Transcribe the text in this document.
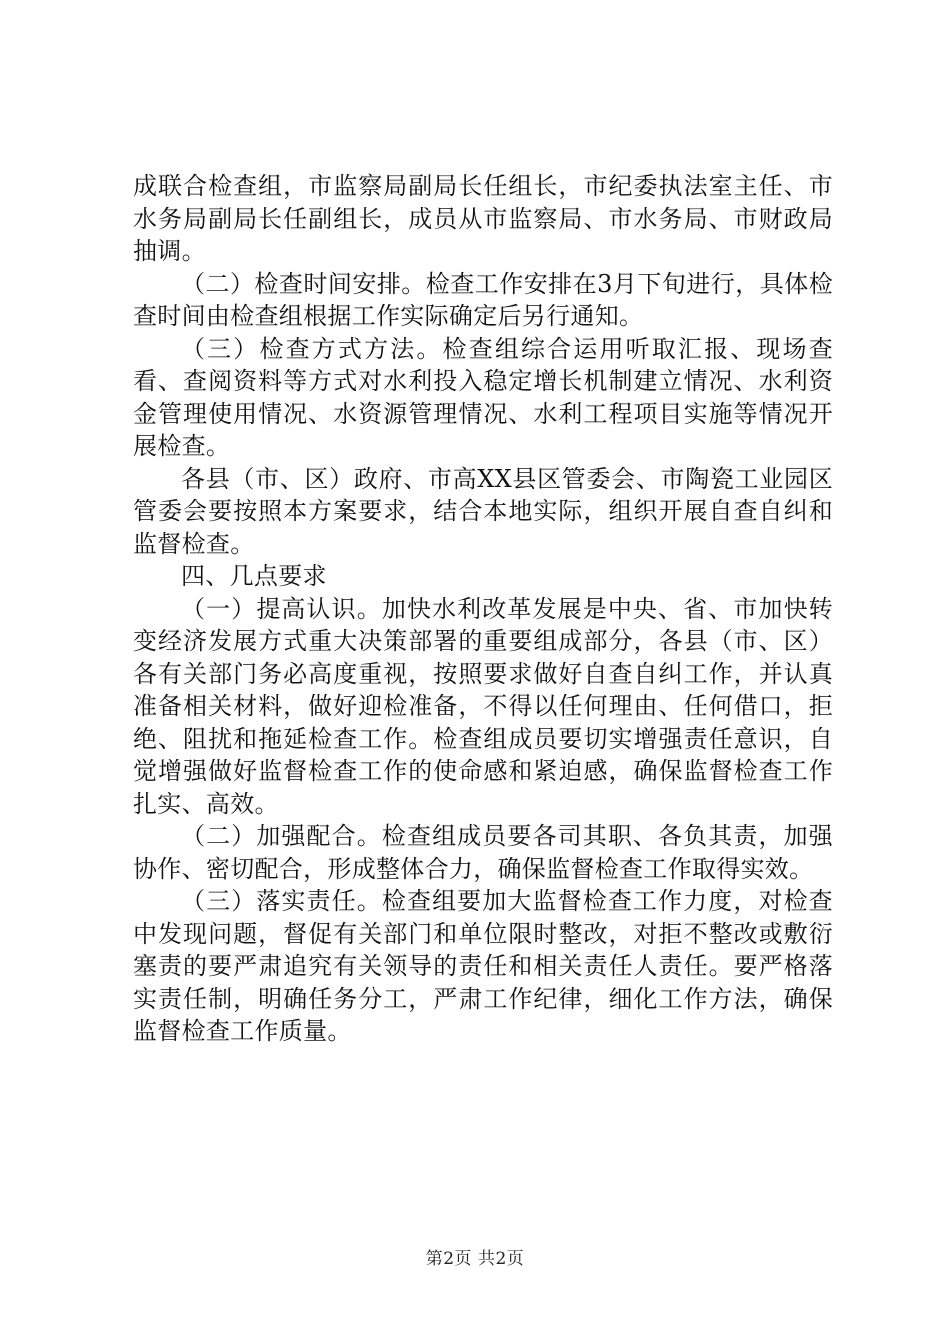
成联合检查组，市监察局副局长任组长，市纪委执法室主任、市水务局副局长任副组长，成员从市监察局、市水务局、市财政局抽调。

（二）检查时间安排。检查工作安排在3月下旬进行，具体检查时间由检查组根据工作实际确定后另行通知。

（三）检查方式方法。检查组综合运用听取汇报、现场查看、查阅资料等方式对水利投入稳定增长机制建立情况、水利资金管理使用情况、水资源管理情况、水利工程项目实施等情况开展检查。

各县（市、区）政府、市高XX县区管委会、市陶瓷工业园区管委会要按照本方案要求，结合本地实际，组织开展自查自纠和监督检查。

四、几点要求

（一）提高认识。加快水利改革发展是中央、省、市加快转变经济发展方式重大决策部署的重要组成部分，各县（市、区）各有关部门务必高度重视，按照要求做好自查自纠工作，并认真准备相关材料，做好迎检准备，不得以任何理由、任何借口，拒绝、阻扰和拖延检查工作。检查组成员要切实增强责任意识，自觉增强做好监督检查工作的使命感和紧迫感，确保监督检查工作扎实、高效。

（二）加强配合。检查组成员要各司其职、各负其责，加强协作、密切配合，形成整体合力，确保监督检查工作取得实效。

（三）落实责任。检查组要加大监督检查工作力度，对检查中发现问题，督促有关部门和单位限时整改，对拒不整改或敷衍塞责的要严肃追究有关领导的责任和相关责任人责任。要严格落实责任制，明确任务分工，严肃工作纪律，细化工作方法，确保监督检查工作质量。

第2页 共2页
